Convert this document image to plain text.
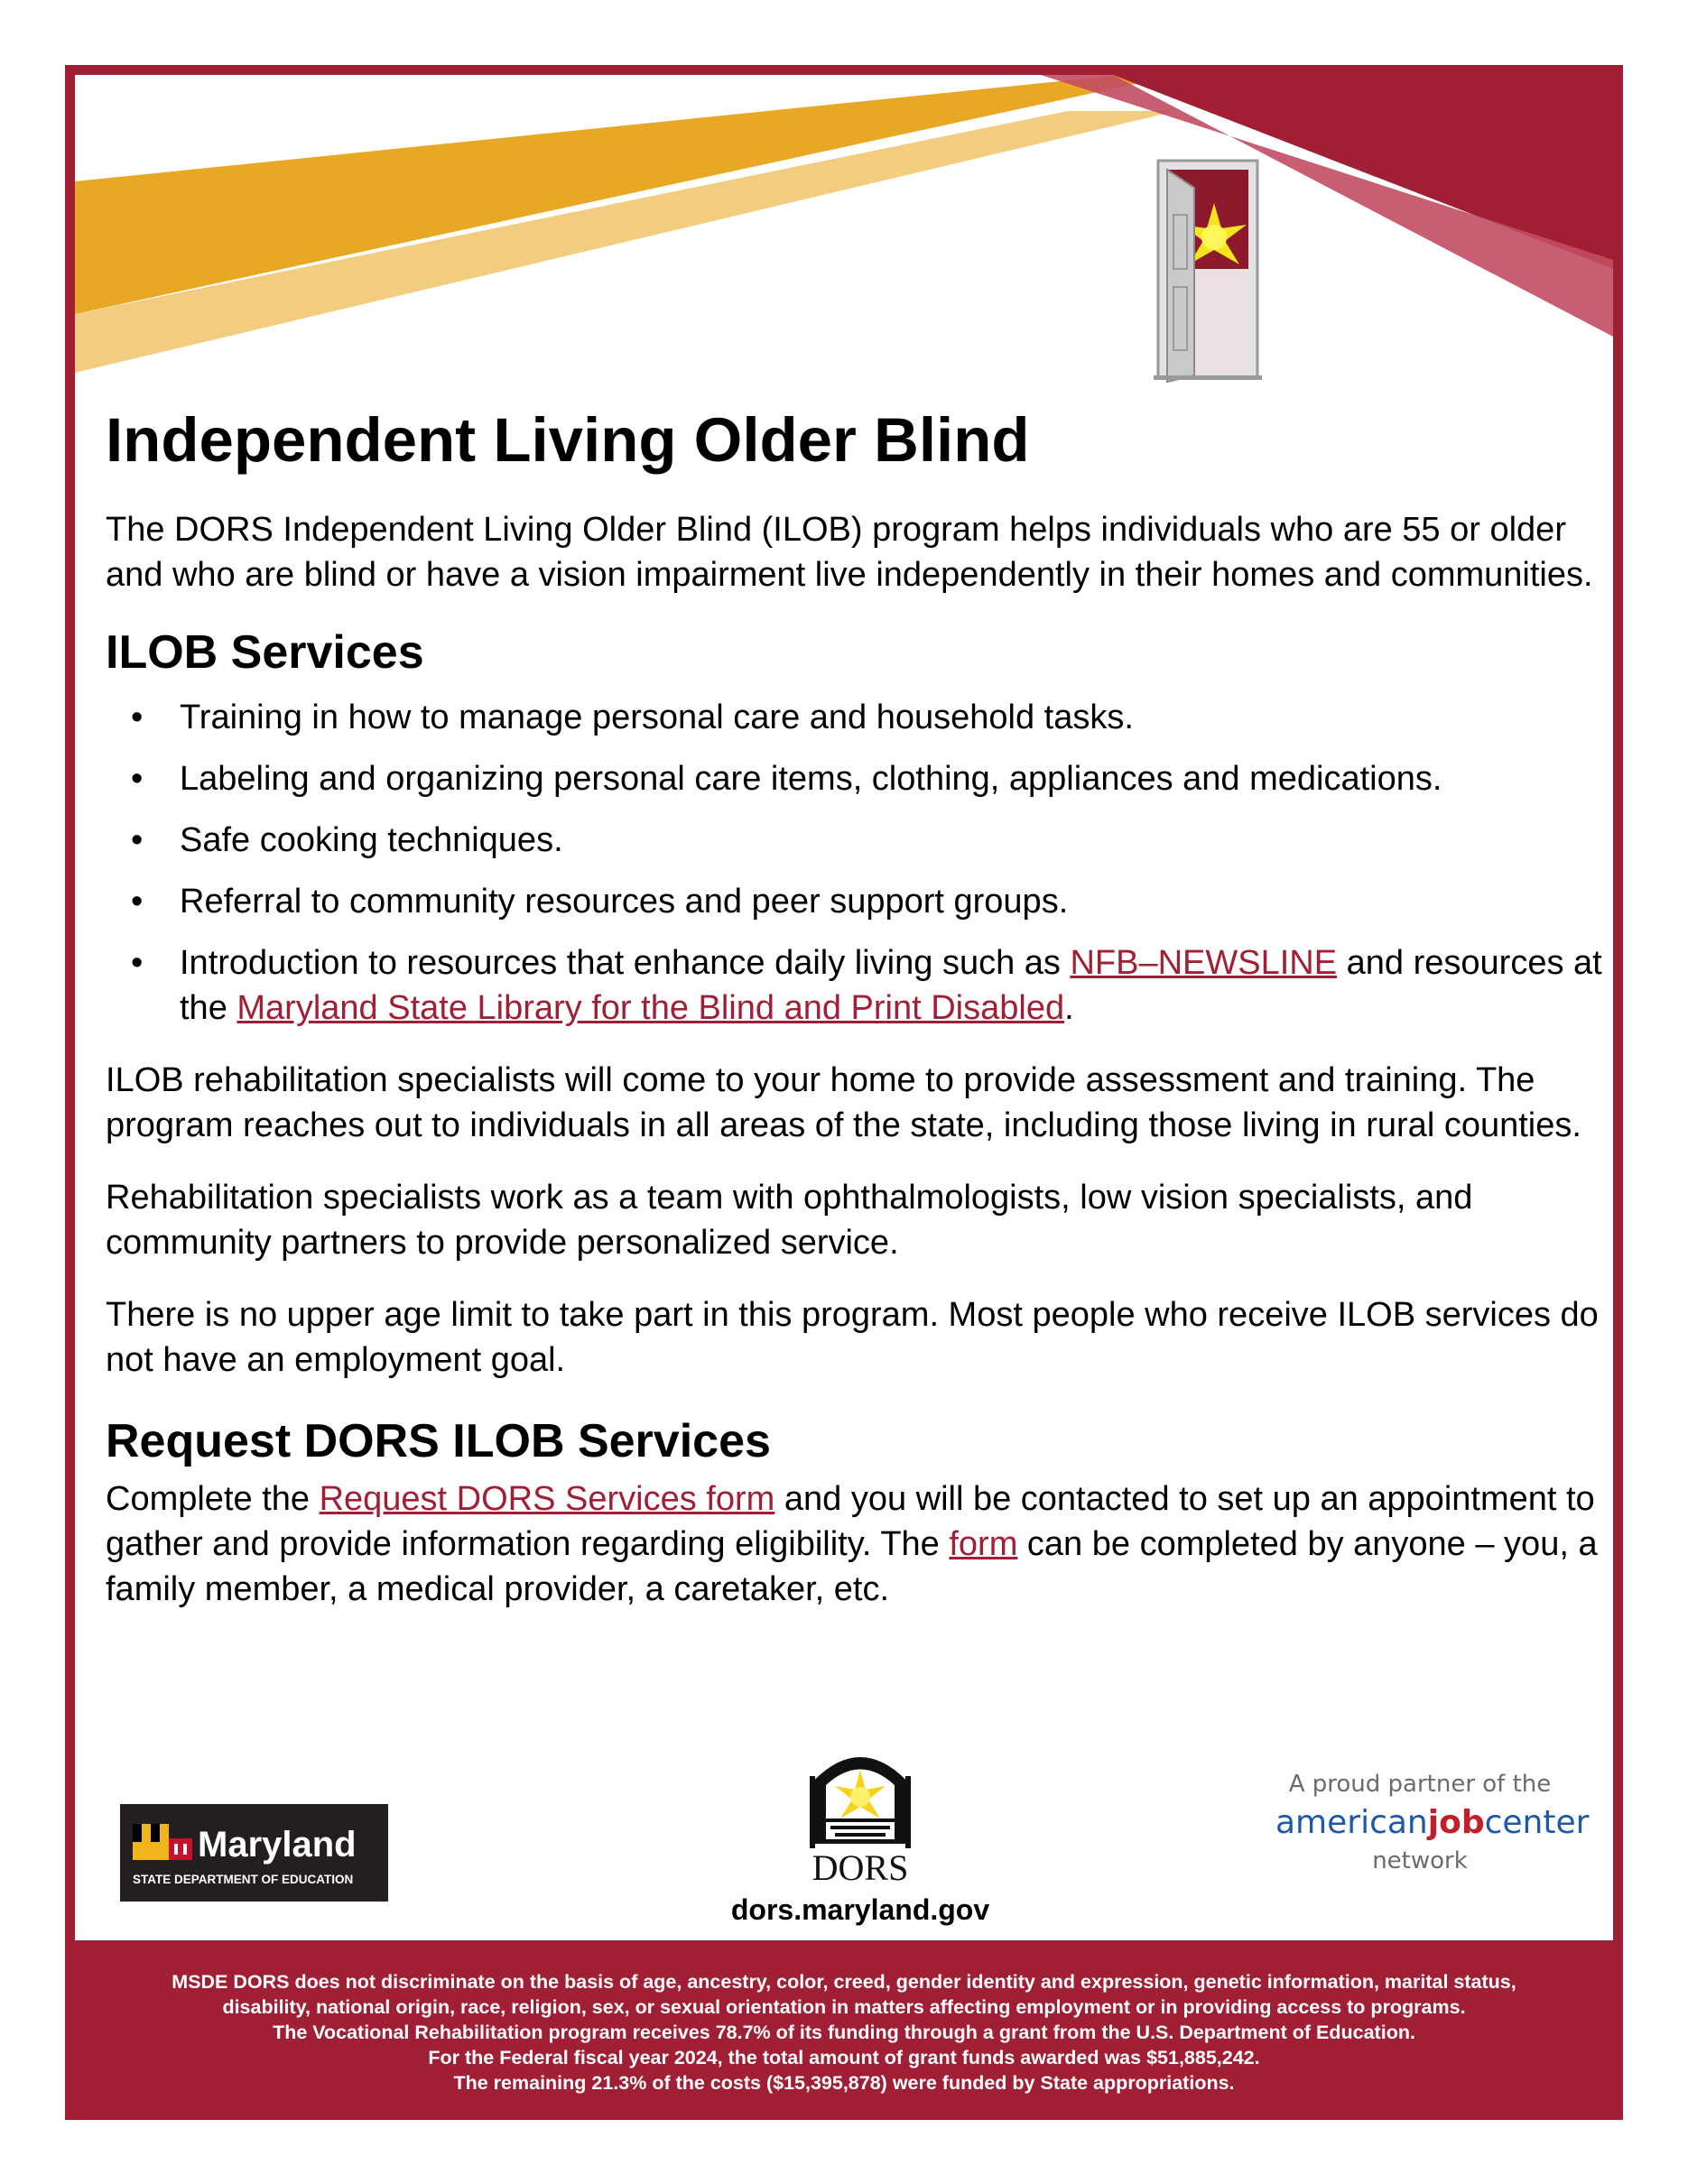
Independent Living Older Blind

The DORS Independent Living Older Blind (ILOB) program helps individuals who are 55 or older and who are blind or have a vision impairment live independently in their homes and communities.

ILOB Services
• Training in how to manage personal care and household tasks.
• Labeling and organizing personal care items, clothing, appliances and medications.
• Safe cooking techniques.
• Referral to community resources and peer support groups.
• Introduction to resources that enhance daily living such as NFB–NEWSLINE and resources at the Maryland State Library for the Blind and Print Disabled.

ILOB rehabilitation specialists will come to your home to provide assessment and training. The program reaches out to individuals in all areas of the state, including those living in rural counties.

Rehabilitation specialists work as a team with ophthalmologists, low vision specialists, and community partners to provide personalized service.

There is no upper age limit to take part in this program. Most people who receive ILOB services do not have an employment goal.

Request DORS ILOB Services

Complete the Request DORS Services form and you will be contacted to set up an appointment to gather and provide information regarding eligibility. The form can be completed by anyone – you, a family member, a medical provider, a caretaker, etc.

Maryland
STATE DEPARTMENT OF EDUCATION	DORS
dors.maryland.gov
A proud partner of the
americanjobcenter
network
MSDE DORS does not discriminate on the basis of age, ancestry, color, creed, gender identity and expression, genetic information, marital status,
disability, national origin, race, religion, sex, or sexual orientation in matters affecting employment or in providing access to programs.
The Vocational Rehabilitation program receives 78.7% of its funding through a grant from the U.S. Department of Education.
For the Federal fiscal year 2024, the total amount of grant funds awarded was $51,885,242.
The remaining 21.3% of the costs ($15,395,878) were funded by State appropriations.
